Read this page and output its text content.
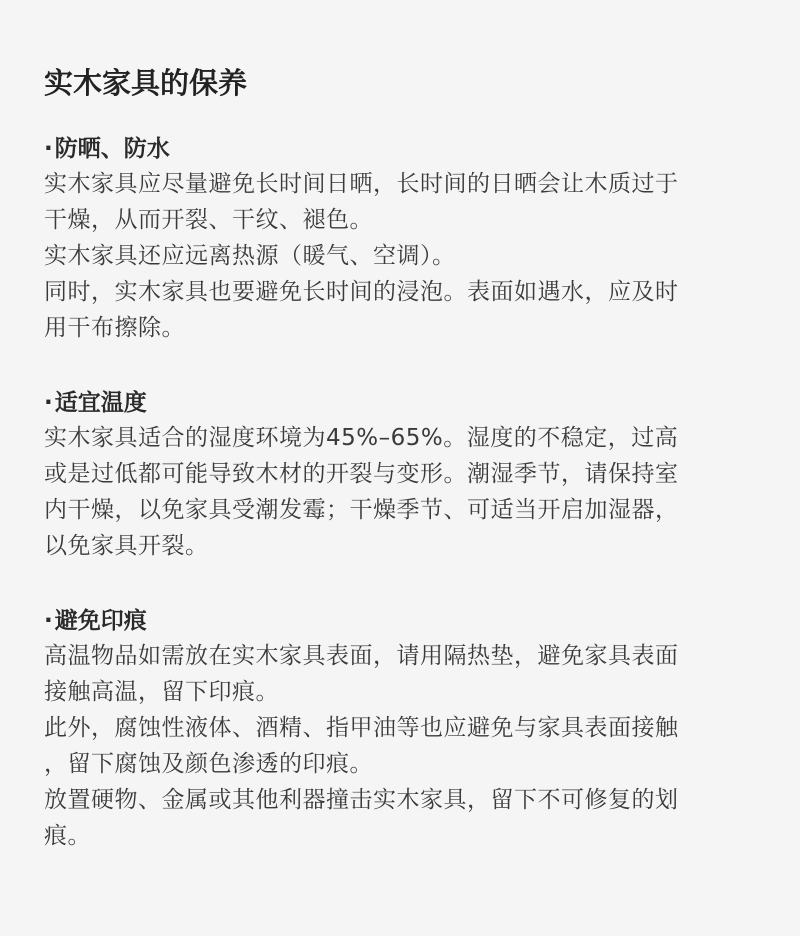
实木家具的保养
·防晒、防水

实木家具应尽量避免长时间日晒，长时间的日晒会让木质过于

干燥，从而开裂、干纹、褪色。

实木家具还应远离热源（暖气、空调）。

同时，实木家具也要避免长时间的浸泡。表面如遇水，应及时

用干布擦除。

·适宜温度

实木家具适合的湿度环境为45%–65%。湿度的不稳定，过高

或是过低都可能导致木材的开裂与变形。潮湿季节，请保持室

内干燥，以免家具受潮发霉；干燥季节、可适当开启加湿器，

以免家具开裂。

·避免印痕

高温物品如需放在实木家具表面，请用隔热垫，避免家具表面

接触高温，留下印痕。

此外，腐蚀性液体、酒精、指甲油等也应避免与家具表面接触

，留下腐蚀及颜色渗透的印痕。

放置硬物、金属或其他利器撞击实木家具，留下不可修复的划

痕。
